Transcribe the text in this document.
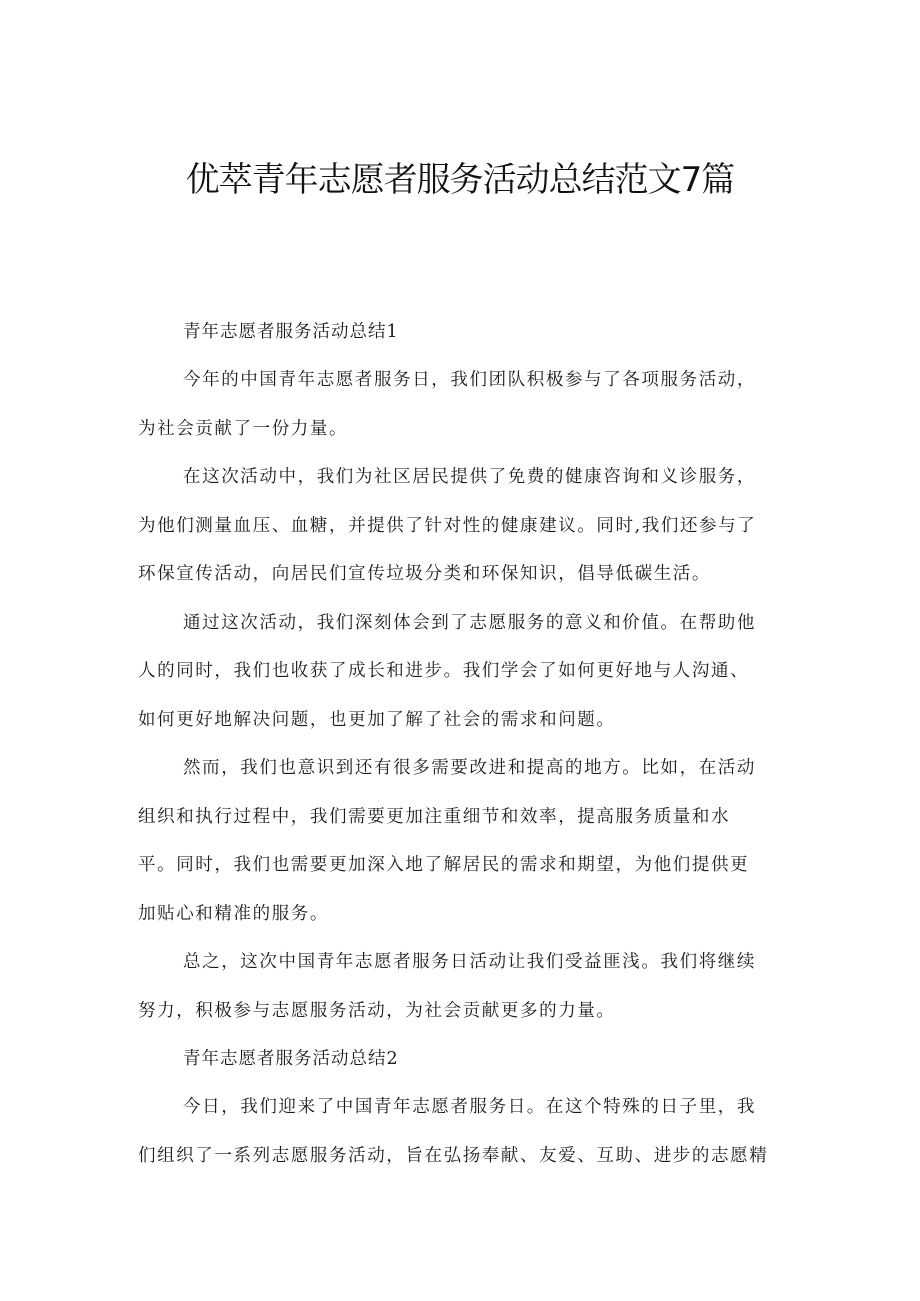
优萃青年志愿者服务活动总结范文7篇
青年志愿者服务活动总结1
今年的中国青年志愿者服务日，我们团队积极参与了各项服务活动，
为社会贡献了一份力量。
在这次活动中，我们为社区居民提供了免费的健康咨询和义诊服务，
为他们测量血压、血糖，并提供了针对性的健康建议。同时,我们还参与了
环保宣传活动，向居民们宣传垃圾分类和环保知识，倡导低碳生活。
通过这次活动，我们深刻体会到了志愿服务的意义和价值。在帮助他
人的同时，我们也收获了成长和进步。我们学会了如何更好地与人沟通、
如何更好地解决问题，也更加了解了社会的需求和问题。
然而，我们也意识到还有很多需要改进和提高的地方。比如，在活动
组织和执行过程中，我们需要更加注重细节和效率，提高服务质量和水
平。同时，我们也需要更加深入地了解居民的需求和期望，为他们提供更
加贴心和精准的服务。
总之，这次中国青年志愿者服务日活动让我们受益匪浅。我们将继续
努力，积极参与志愿服务活动，为社会贡献更多的力量。
青年志愿者服务活动总结2
今日，我们迎来了中国青年志愿者服务日。在这个特殊的日子里，我
们组织了一系列志愿服务活动，旨在弘扬奉献、友爱、互助、进步的志愿精
